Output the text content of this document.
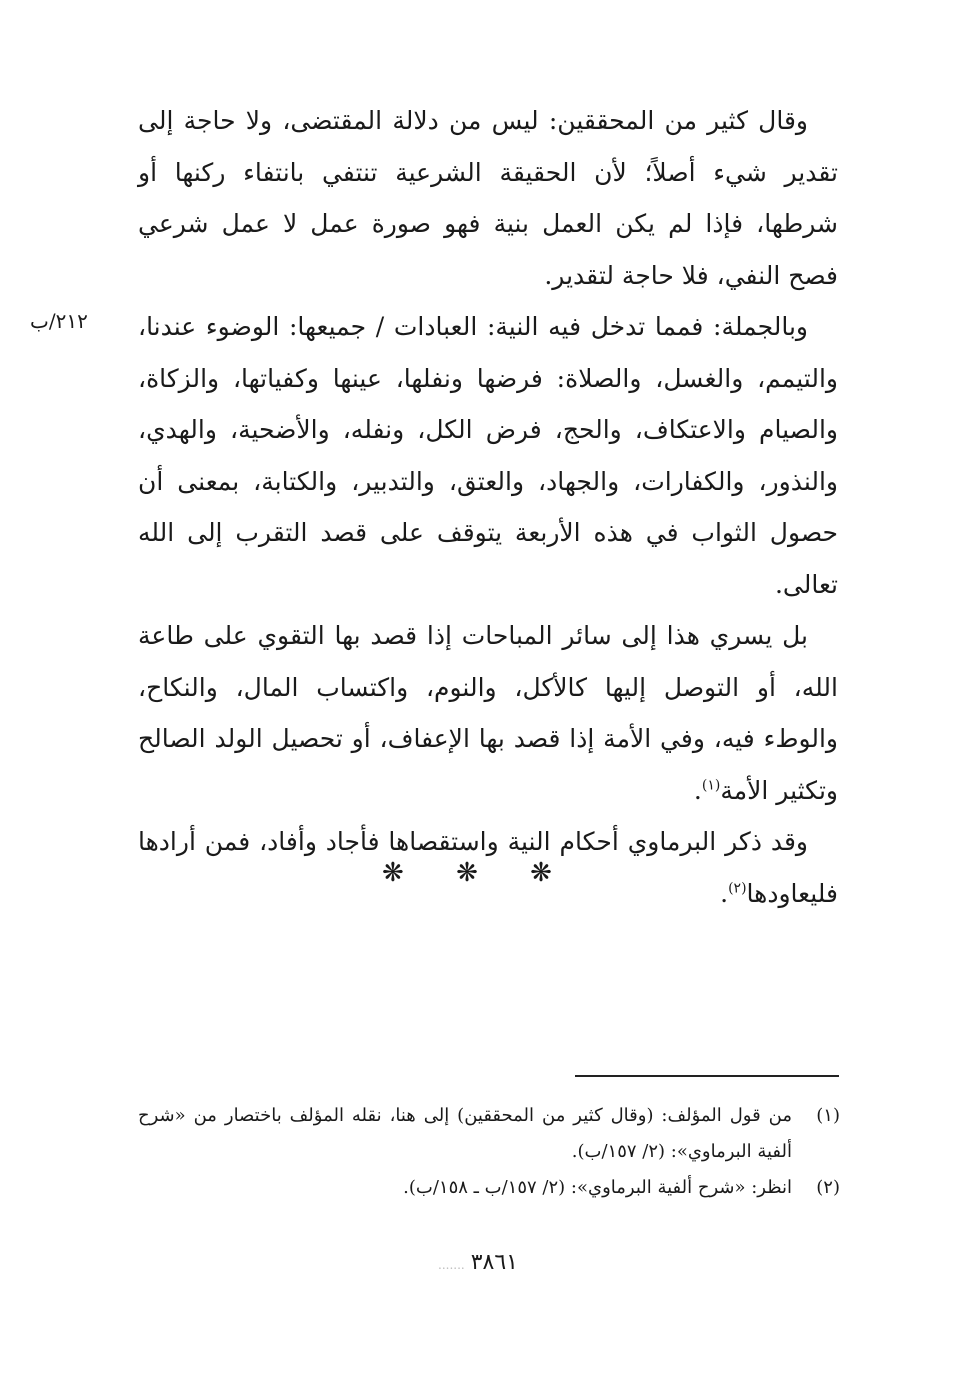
٢١٢/ب

وقال كثير من المحققين: ليس من دلالة المقتضى، ولا حاجة إلى تقدير شيء أصلاً؛ لأن الحقيقة الشرعية تنتفي بانتفاء ركنها أو شرطها، فإذا لم يكن العمل بنية فهو صورة عمل لا عمل شرعي فصح النفي، فلا حاجة لتقدير.

وبالجملة: فمما تدخل فيه النية: العبادات / جميعها: الوضوء عندنا، والتيمم، والغسل، والصلاة: فرضها ونفلها، عينها وكفياتها، والزكاة، والصيام والاعتكاف، والحج، فرض الكل، ونفله، والأضحية، والهدي، والنذور، والكفارات، والجهاد، والعتق، والتدبير، والكتابة، بمعنى أن حصول الثواب في هذه الأربعة يتوقف على قصد التقرب إلى الله تعالى.

بل يسري هذا إلى سائر المباحات إذا قصد بها التقوي على طاعة الله، أو التوصل إليها كالأكل، والنوم، واكتساب المال، والنكاح، والوطء فيه، وفي الأمة إذا قصد بها الإعفاف، أو تحصيل الولد الصالح وتكثير الأمة$^{(١)}$.

وقد ذكر البرماوي أحكام النية واستقصاها فأجاد وأفاد، فمن أرادها فليعاودها$^{(٢)}$.

❋ ❋ ❋
(١)
من قول المؤلف: (وقال كثير من المحققين) إلى هنا، نقله المؤلف باختصار من «شرح ألفية البرماوي»: (٢/ ١٥٧/ب).
(٢)
انظر: «شرح ألفية البرماوي»: (٢/ ١٥٧/ب ـ ١٥٨/ب).
....... ٣٨٦١
